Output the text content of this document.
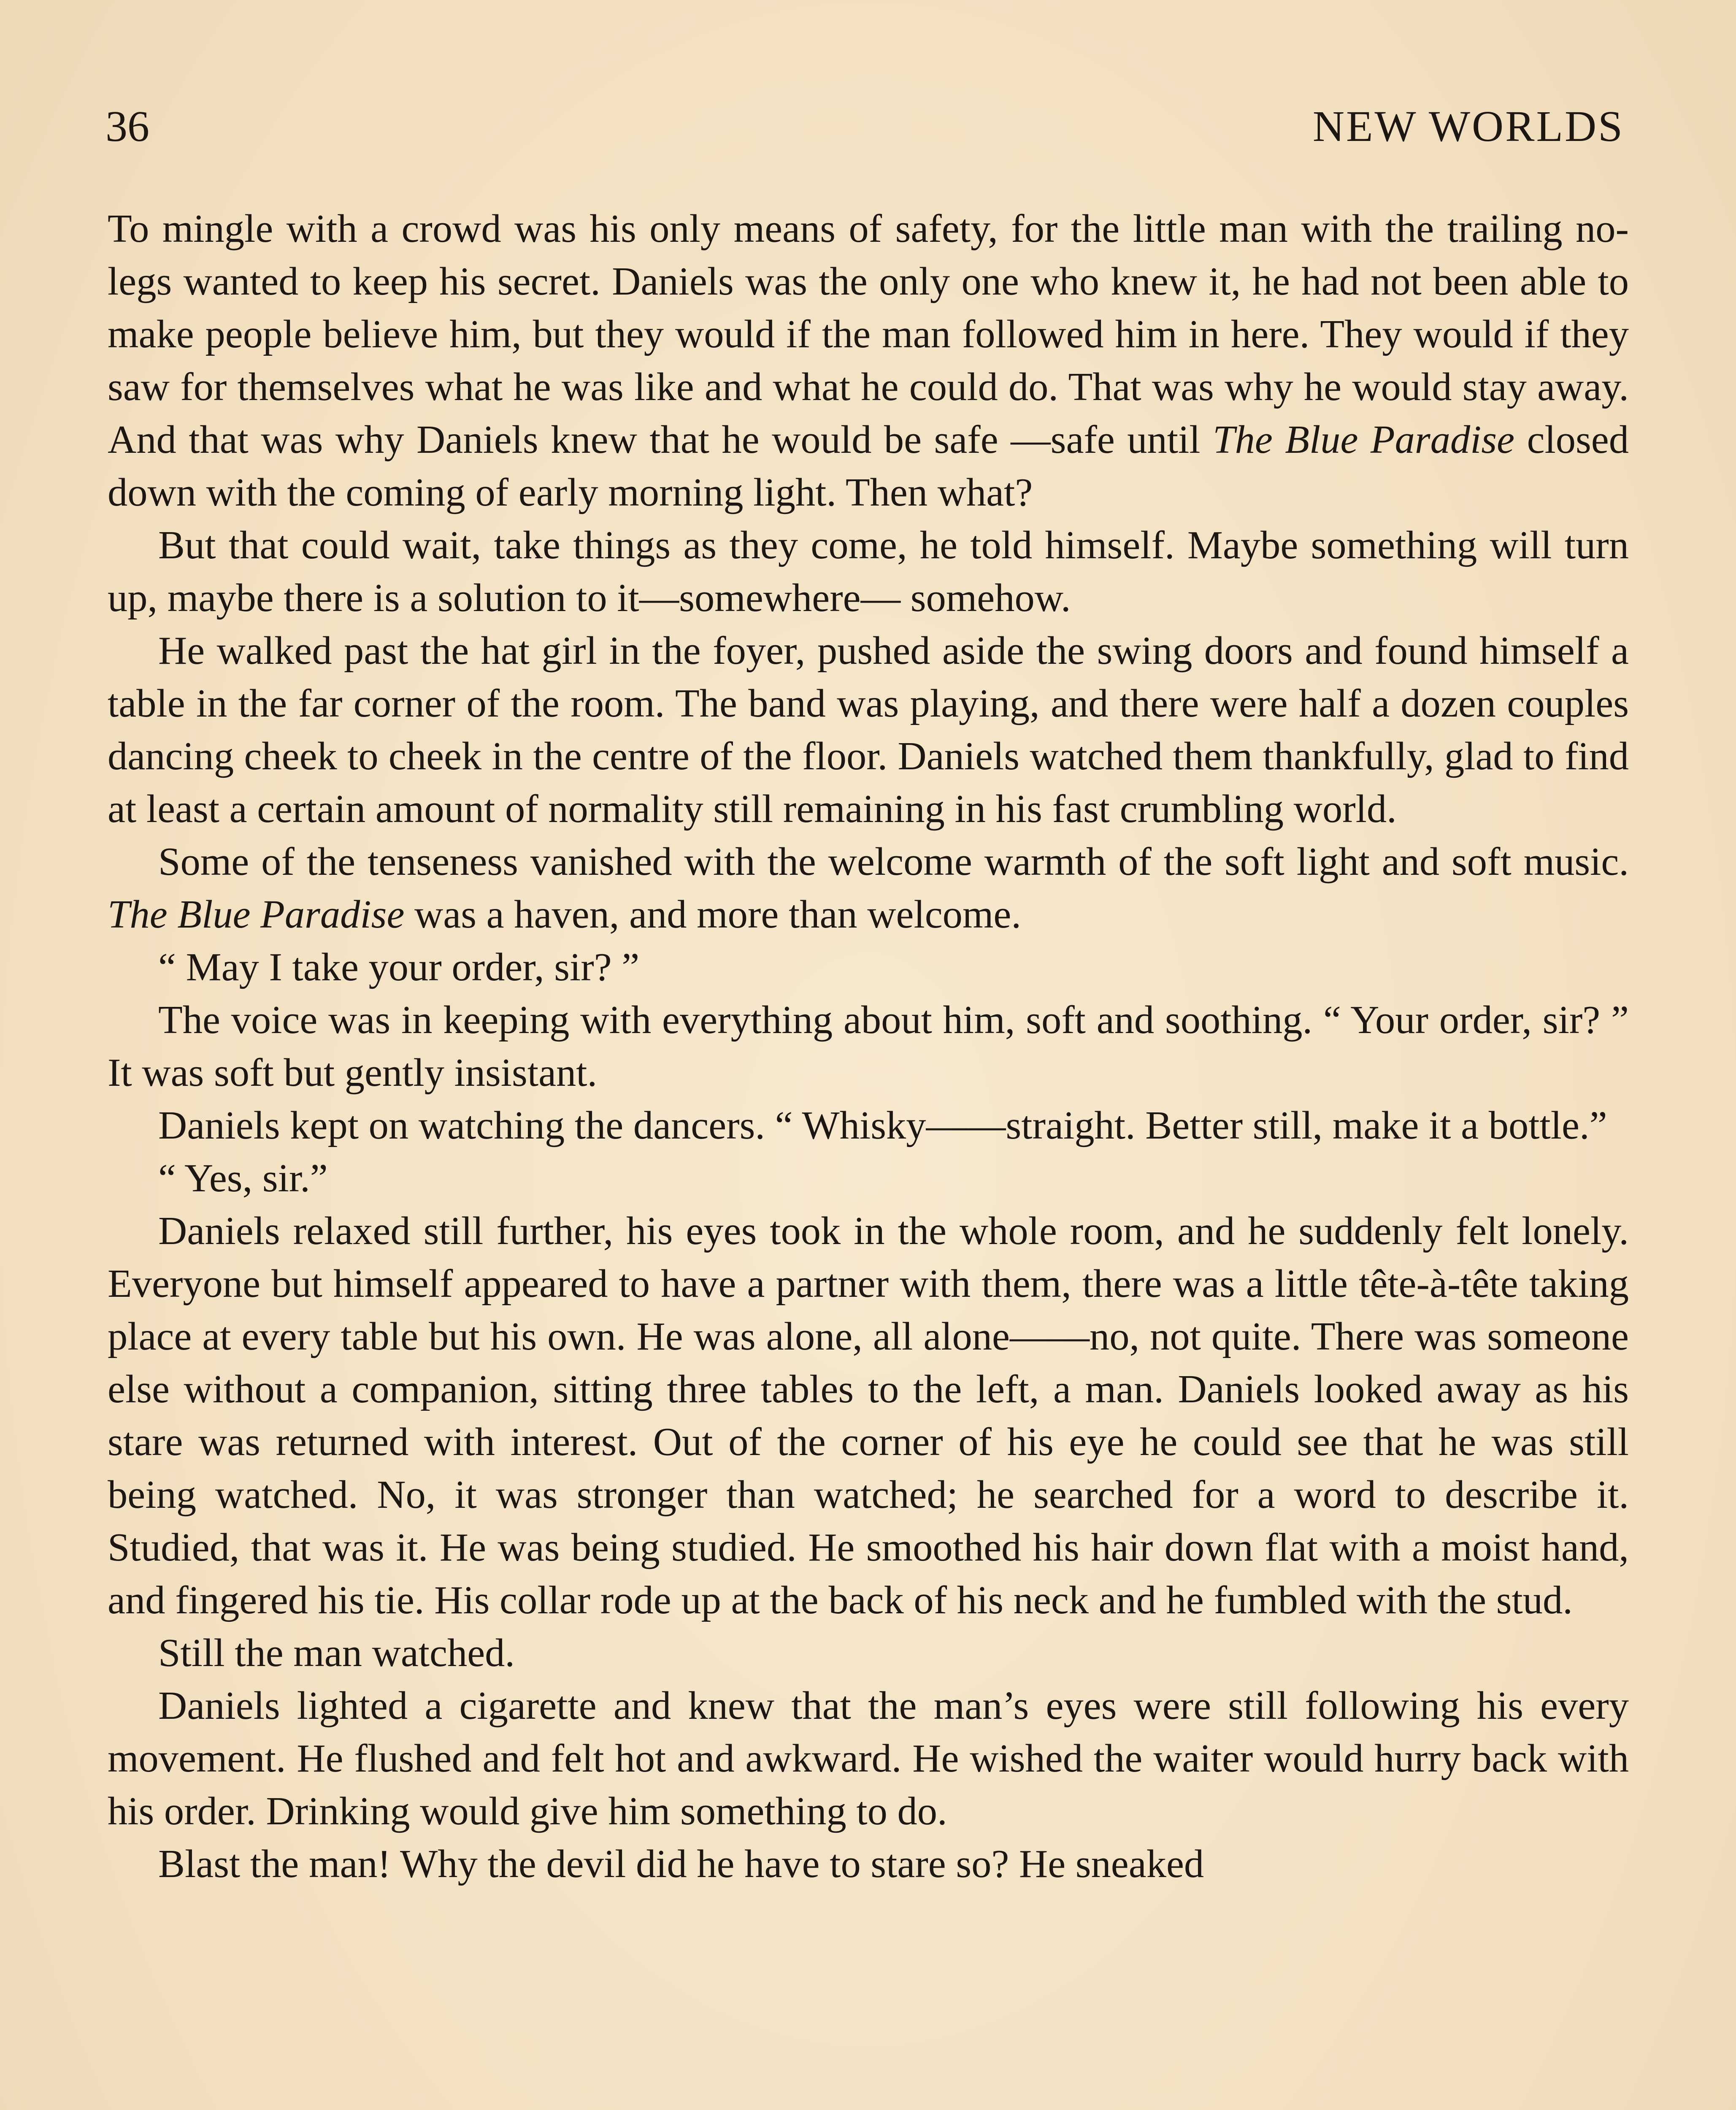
36	NEW WORLDS

To mingle with a crowd was his only means of safety, for the little man with the trailing no-legs wanted to keep his secret. Daniels was the only one who knew it, he had not been able to make people believe him, but they would if the man followed him in here. They would if they saw for themselves what he was like and what he could do. That was why he would stay away. And that was why Daniels knew that he would be safe —safe until The Blue Paradise closed down with the coming of early morning light. Then what?

But that could wait, take things as they come, he told himself. Maybe something will turn up, maybe there is a solution to it—somewhere— somehow.

He walked past the hat girl in the foyer, pushed aside the swing doors and found himself a table in the far corner of the room. The band was playing, and there were half a dozen couples dancing cheek to cheek in the centre of the floor. Daniels watched them thankfully, glad to find at least a certain amount of normality still remaining in his fast crumbling world.

Some of the tenseness vanished with the welcome warmth of the soft light and soft music. The Blue Paradise was a haven, and more than welcome.

“ May I take your order, sir? ”

The voice was in keeping with everything about him, soft and soothing. “ Your order, sir? ” It was soft but gently insistant.

Daniels kept on watching the dancers. “ Whisky——straight. Better still, make it a bottle.”

“ Yes, sir.”

Daniels relaxed still further, his eyes took in the whole room, and he suddenly felt lonely. Everyone but himself appeared to have a partner with them, there was a little tête-à-tête taking place at every table but his own. He was alone, all alone——no, not quite. There was someone else without a companion, sitting three tables to the left, a man. Daniels looked away as his stare was returned with interest. Out of the corner of his eye he could see that he was still being watched. No, it was stronger than watched; he searched for a word to describe it. Studied, that was it. He was being studied. He smoothed his hair down flat with a moist hand, and fingered his tie. His collar rode up at the back of his neck and he fumbled with the stud.

Still the man watched.

Daniels lighted a cigarette and knew that the man’s eyes were still following his every movement. He flushed and felt hot and awkward. He wished the waiter would hurry back with his order. Drinking would give him something to do.

Blast the man! Why the devil did he have to stare so? He sneaked
